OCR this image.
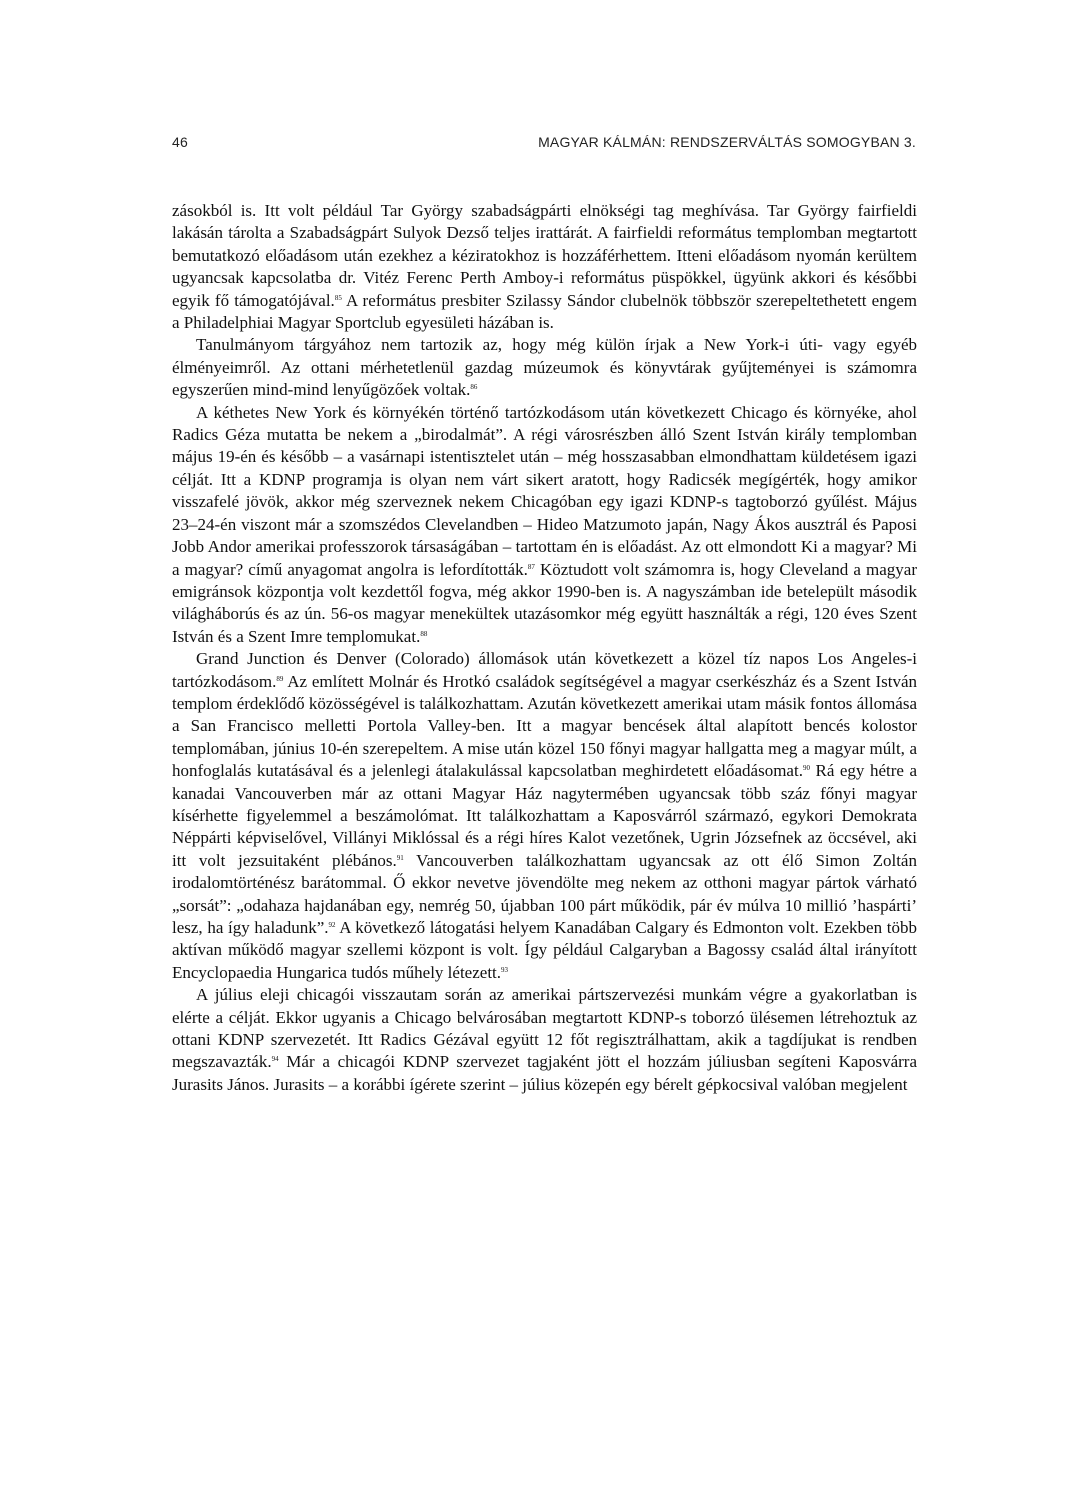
46	MAGYAR KÁLMÁN: RENDSZERVÁLTÁS SOMOGYBAN 3.

zásokból is. Itt volt például Tar György szabadságpárti elnökségi tag meghívása. Tar György fairfieldi lakásán tárolta a Szabadságpárt Sulyok Dezső teljes irattárát. A fairfieldi református templomban megtartott bemutatkozó előadásom után ezekhez a kéziratokhoz is hozzáférhettem. Itteni előadásom nyomán kerültem ugyancsak kapcsolatba dr. Vitéz Ferenc Perth Amboy-i református püspökkel, ügyünk akkori és későbbi egyik fő támogatójával.$^{85}$ A református presbiter Szilassy Sándor clubelnök többször szerepeltethetett engem a Philadelphiai Magyar Sportclub egyesületi házában is.

Tanulmányom tárgyához nem tartozik az, hogy még külön írjak a New York-i úti- vagy egyéb élményeimről. Az ottani mérhetetlenül gazdag múzeumok és könyvtárak gyűjteményei is számomra egyszerűen mind-mind lenyűgözőek voltak.$^{86}$

A kéthetes New York és környékén történő tartózkodásom után következett Chicago és környéke, ahol Radics Géza mutatta be nekem a „birodalmát”. A régi városrészben álló Szent István király templomban május 19-én és később – a vasárnapi istentisztelet után – még hosszasabban elmondhattam küldetésem igazi célját. Itt a KDNP programja is olyan nem várt sikert aratott, hogy Radicsék megígérték, hogy amikor visszafelé jövök, akkor még szerveznek nekem Chicagóban egy igazi KDNP-s tagtoborzó gyűlést. Május 23–24-én viszont már a szomszédos Clevelandben – Hideo Matzumoto japán, Nagy Ákos ausztrál és Paposi Jobb Andor amerikai professzorok társaságában – tartottam én is előadást. Az ott elmondott Ki a magyar? Mi a magyar? című anyagomat angolra is lefordították.$^{87}$ Köztudott volt számomra is, hogy Cleveland a magyar emigránsok központja volt kezdettől fogva, még akkor 1990-ben is. A nagyszámban ide betelepült második világháborús és az ún. 56-os magyar menekültek utazásomkor még együtt használták a régi, 120 éves Szent István és a Szent Imre templomukat.$^{88}$

Grand Junction és Denver (Colorado) állomások után következett a közel tíz napos Los Angeles-i tartózkodásom.$^{89}$ Az említett Molnár és Hrotkó családok segítségével a magyar cserkészház és a Szent István templom érdeklődő közösségével is találkozhattam. Azután következett amerikai utam másik fontos állomása a San Francisco melletti Portola Valley-ben. Itt a magyar bencések által alapított bencés kolostor templomában, június 10-én szerepeltem. A mise után közel 150 főnyi magyar hallgatta meg a magyar múlt, a honfoglalás kutatásával és a jelenlegi átalakulással kapcsolatban meghirdetett előadásomat.$^{90}$ Rá egy hétre a kanadai Vancouverben már az ottani Magyar Ház nagytermében ugyancsak több száz főnyi magyar kísérhette figyelemmel a beszámolómat. Itt találkozhattam a Kaposvárról származó, egykori Demokrata Néppárti képviselővel, Villányi Miklóssal és a régi híres Kalot vezetőnek, Ugrin Józsefnek az öccsével, aki itt volt jezsuitaként plébános.$^{91}$ Vancouverben találkozhattam ugyancsak az ott élő Simon Zoltán irodalomtörténész barátommal. Ő ekkor nevetve jövendölte meg nekem az otthoni magyar pártok várható „sorsát”: „odahaza hajdanában egy, nemrég 50, újabban 100 párt működik, pár év múlva 10 millió ’haspárti’ lesz, ha így haladunk”.$^{92}$ A következő látogatási helyem Kanadában Calgary és Edmonton volt. Ezekben több aktívan működő magyar szellemi központ is volt. Így például Calgaryban a Bagossy család által irányított Encyclopaedia Hungarica tudós műhely létezett.$^{93}$

A július eleji chicagói visszautam során az amerikai pártszervezési munkám végre a gyakorlatban is elérte a célját. Ekkor ugyanis a Chicago belvárosában megtartott KDNP-s toborzó ülésemen létrehoztuk az ottani KDNP szervezetét. Itt Radics Gézával együtt 12 főt regisztrálhattam, akik a tagdíjukat is rendben megszavazták.$^{94}$ Már a chicagói KDNP szervezet tagjaként jött el hozzám júliusban segíteni Kaposvárra Jurasits János. Jurasits – a korábbi ígérete szerint – július közepén egy bérelt gépkocsival valóban megjelent
